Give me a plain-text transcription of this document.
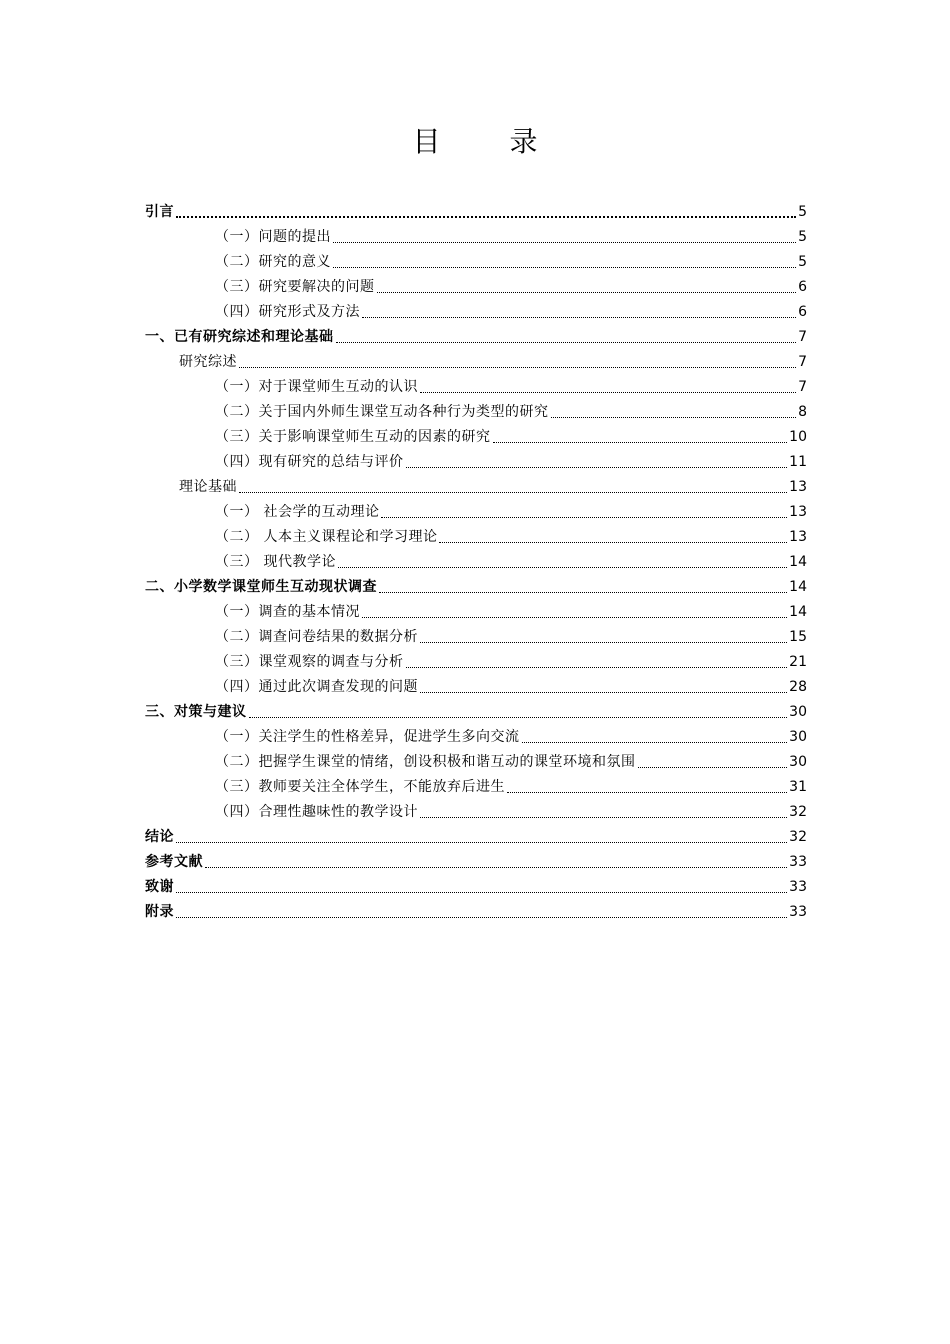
目 录
引言	5
（一）问题的提出	5
（二）研究的意义	5
（三）研究要解决的问题	6
（四）研究形式及方法	6
一、已有研究综述和理论基础	7
研究综述	7
（一）对于课堂师生互动的认识	7
（二）关于国内外师生课堂互动各种行为类型的研究	8
（三）关于影响课堂师生互动的因素的研究	10
（四）现有研究的总结与评价	11
理论基础	13
（一） 社会学的互动理论	13
（二） 人本主义课程论和学习理论	13
（三） 现代教学论	14
二、小学数学课堂师生互动现状调查	14
（一）调查的基本情况	14
（二）调查问卷结果的数据分析	15
（三）课堂观察的调查与分析	21
（四）通过此次调查发现的问题	28
三、对策与建议	30
（一）关注学生的性格差异，促进学生多向交流	30
（二）把握学生课堂的情绪，创设积极和谐互动的课堂环境和氛围	30
（三）教师要关注全体学生，不能放弃后进生	31
（四）合理性趣味性的教学设计	32
结论	32
参考文献	33
致谢	33
附录	33
